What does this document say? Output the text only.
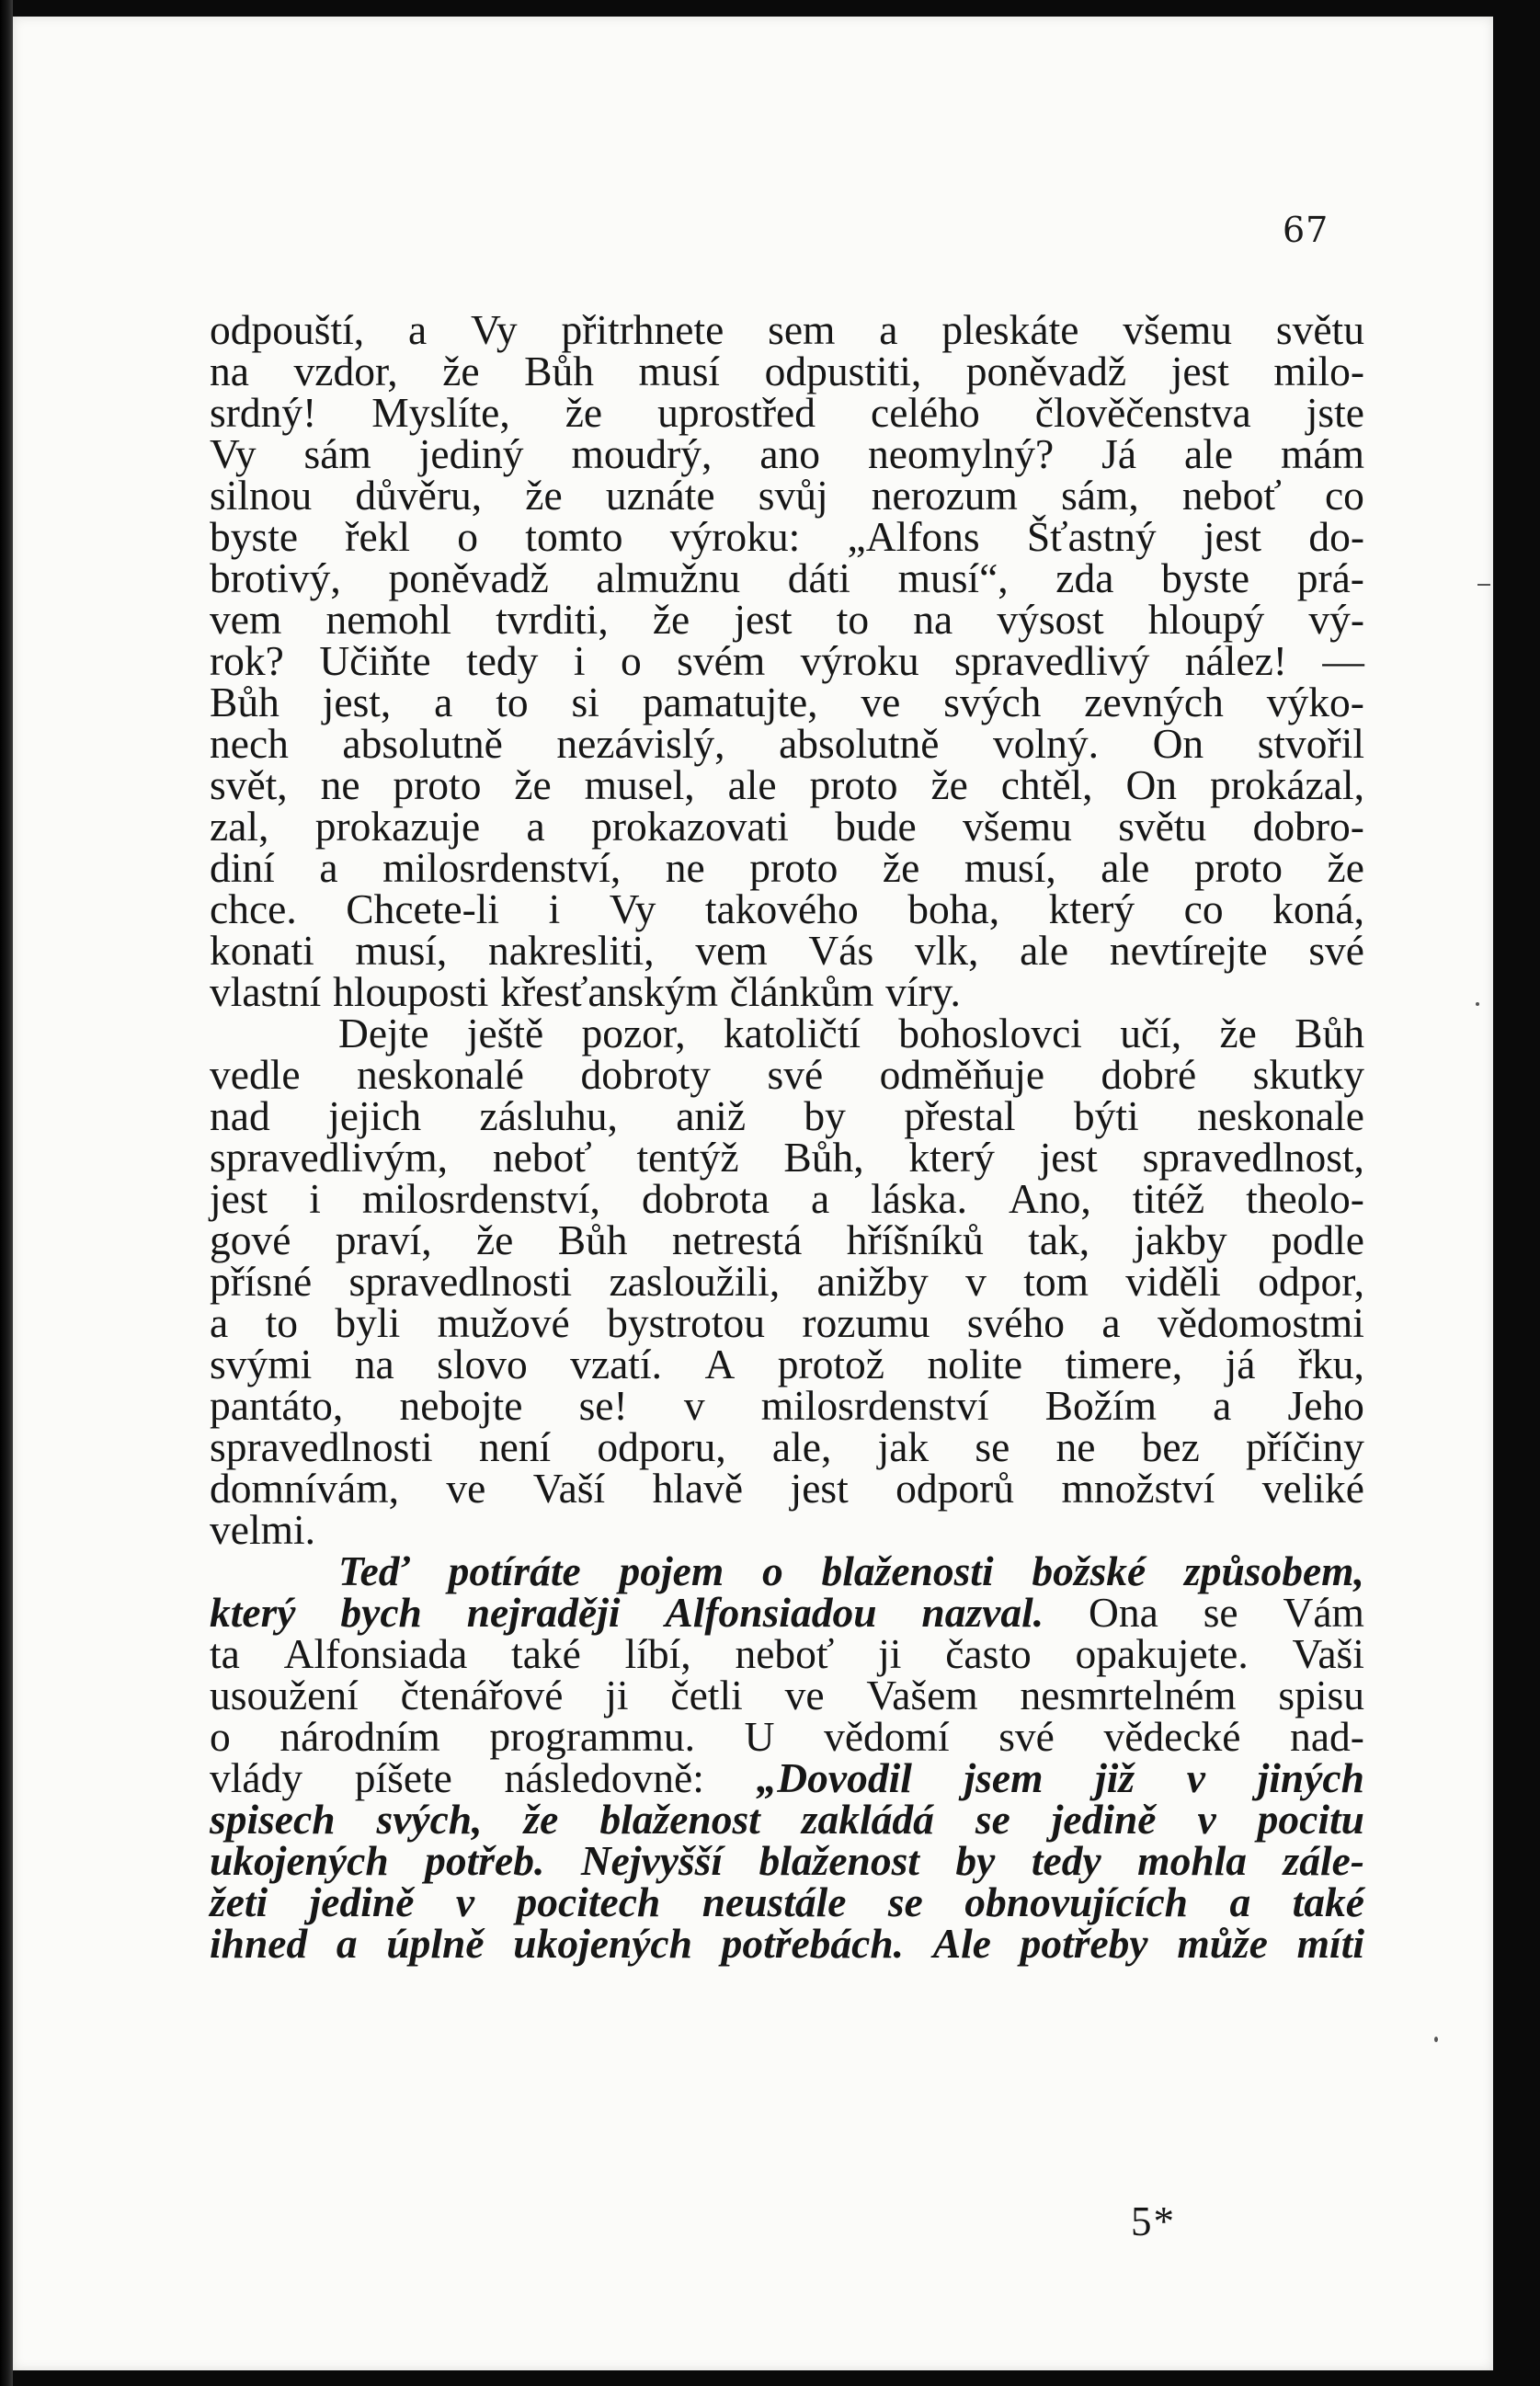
67
odpouští, a Vy přitrhnete sem a pleskáte všemu světu
na vzdor, že Bůh musí odpustiti, poněvadž jest milo-
srdný! Myslíte, že uprostřed celého člověčenstva jste
Vy sám jediný moudrý, ano neomylný? Já ale mám
silnou důvěru, že uznáte svůj nerozum sám, neboť co
byste řekl o tomto výroku: „Alfons Šťastný jest do-
brotivý, poněvadž almužnu dáti musí“, zda byste prá-
vem nemohl tvrditi, že jest to na výsost hloupý vý-
rok? Učiňte tedy i o svém výroku spravedlivý nález! —
Bůh jest, a to si pamatujte, ve svých zevných výko-
nech absolutně nezávislý, absolutně volný. On stvořil
svět, ne proto že musel, ale proto že chtěl, On prokázal,
zal, prokazuje a prokazovati bude všemu světu dobro-
diní a milosrdenství, ne proto že musí, ale proto že
chce. Chcete-li i Vy takového boha, který co koná,
konati musí, nakresliti, vem Vás vlk, ale nevtírejte své
vlastní hlouposti křesťanským článkům víry.
Dejte ještě pozor, katoličtí bohoslovci učí, že Bůh
vedle neskonalé dobroty své odměňuje dobré skutky
nad jejich zásluhu, aniž by přestal býti neskonale
spravedlivým, neboť tentýž Bůh, který jest spravedlnost,
jest i milosrdenství, dobrota a láska. Ano, titéž theolo-
gové praví, že Bůh netrestá hříšníků tak, jakby podle
přísné spravedlnosti zasloužili, anižby v tom viděli odpor,
a to byli mužové bystrotou rozumu svého a vědomostmi
svými na slovo vzatí. A protož nolite timere, já řku,
pantáto, nebojte se! v milosrdenství Božím a Jeho
spravedlnosti není odporu, ale, jak se ne bez příčiny
domnívám, ve Vaší hlavě jest odporů množství veliké
velmi.
Teď potíráte pojem o blaženosti božské způsobem,
který bych nejraději Alfonsiadou nazval. Ona se Vám
ta Alfonsiada také líbí, neboť ji často opakujete. Vaši
usoužení čtenářové ji četli ve Vašem nesmrtelném spisu
o národním programmu. U vědomí své vědecké nad-
vlády píšete následovně: „Dovodil jsem již v jiných
spisech svých, že blaženost zakládá se jedině v pocitu
ukojených potřeb. Nejvyšší blaženost by tedy mohla zále-
žeti jedině v pocitech neustále se obnovujících a také
ihned a úplně ukojených potřebách. Ale potřeby může míti
5*
